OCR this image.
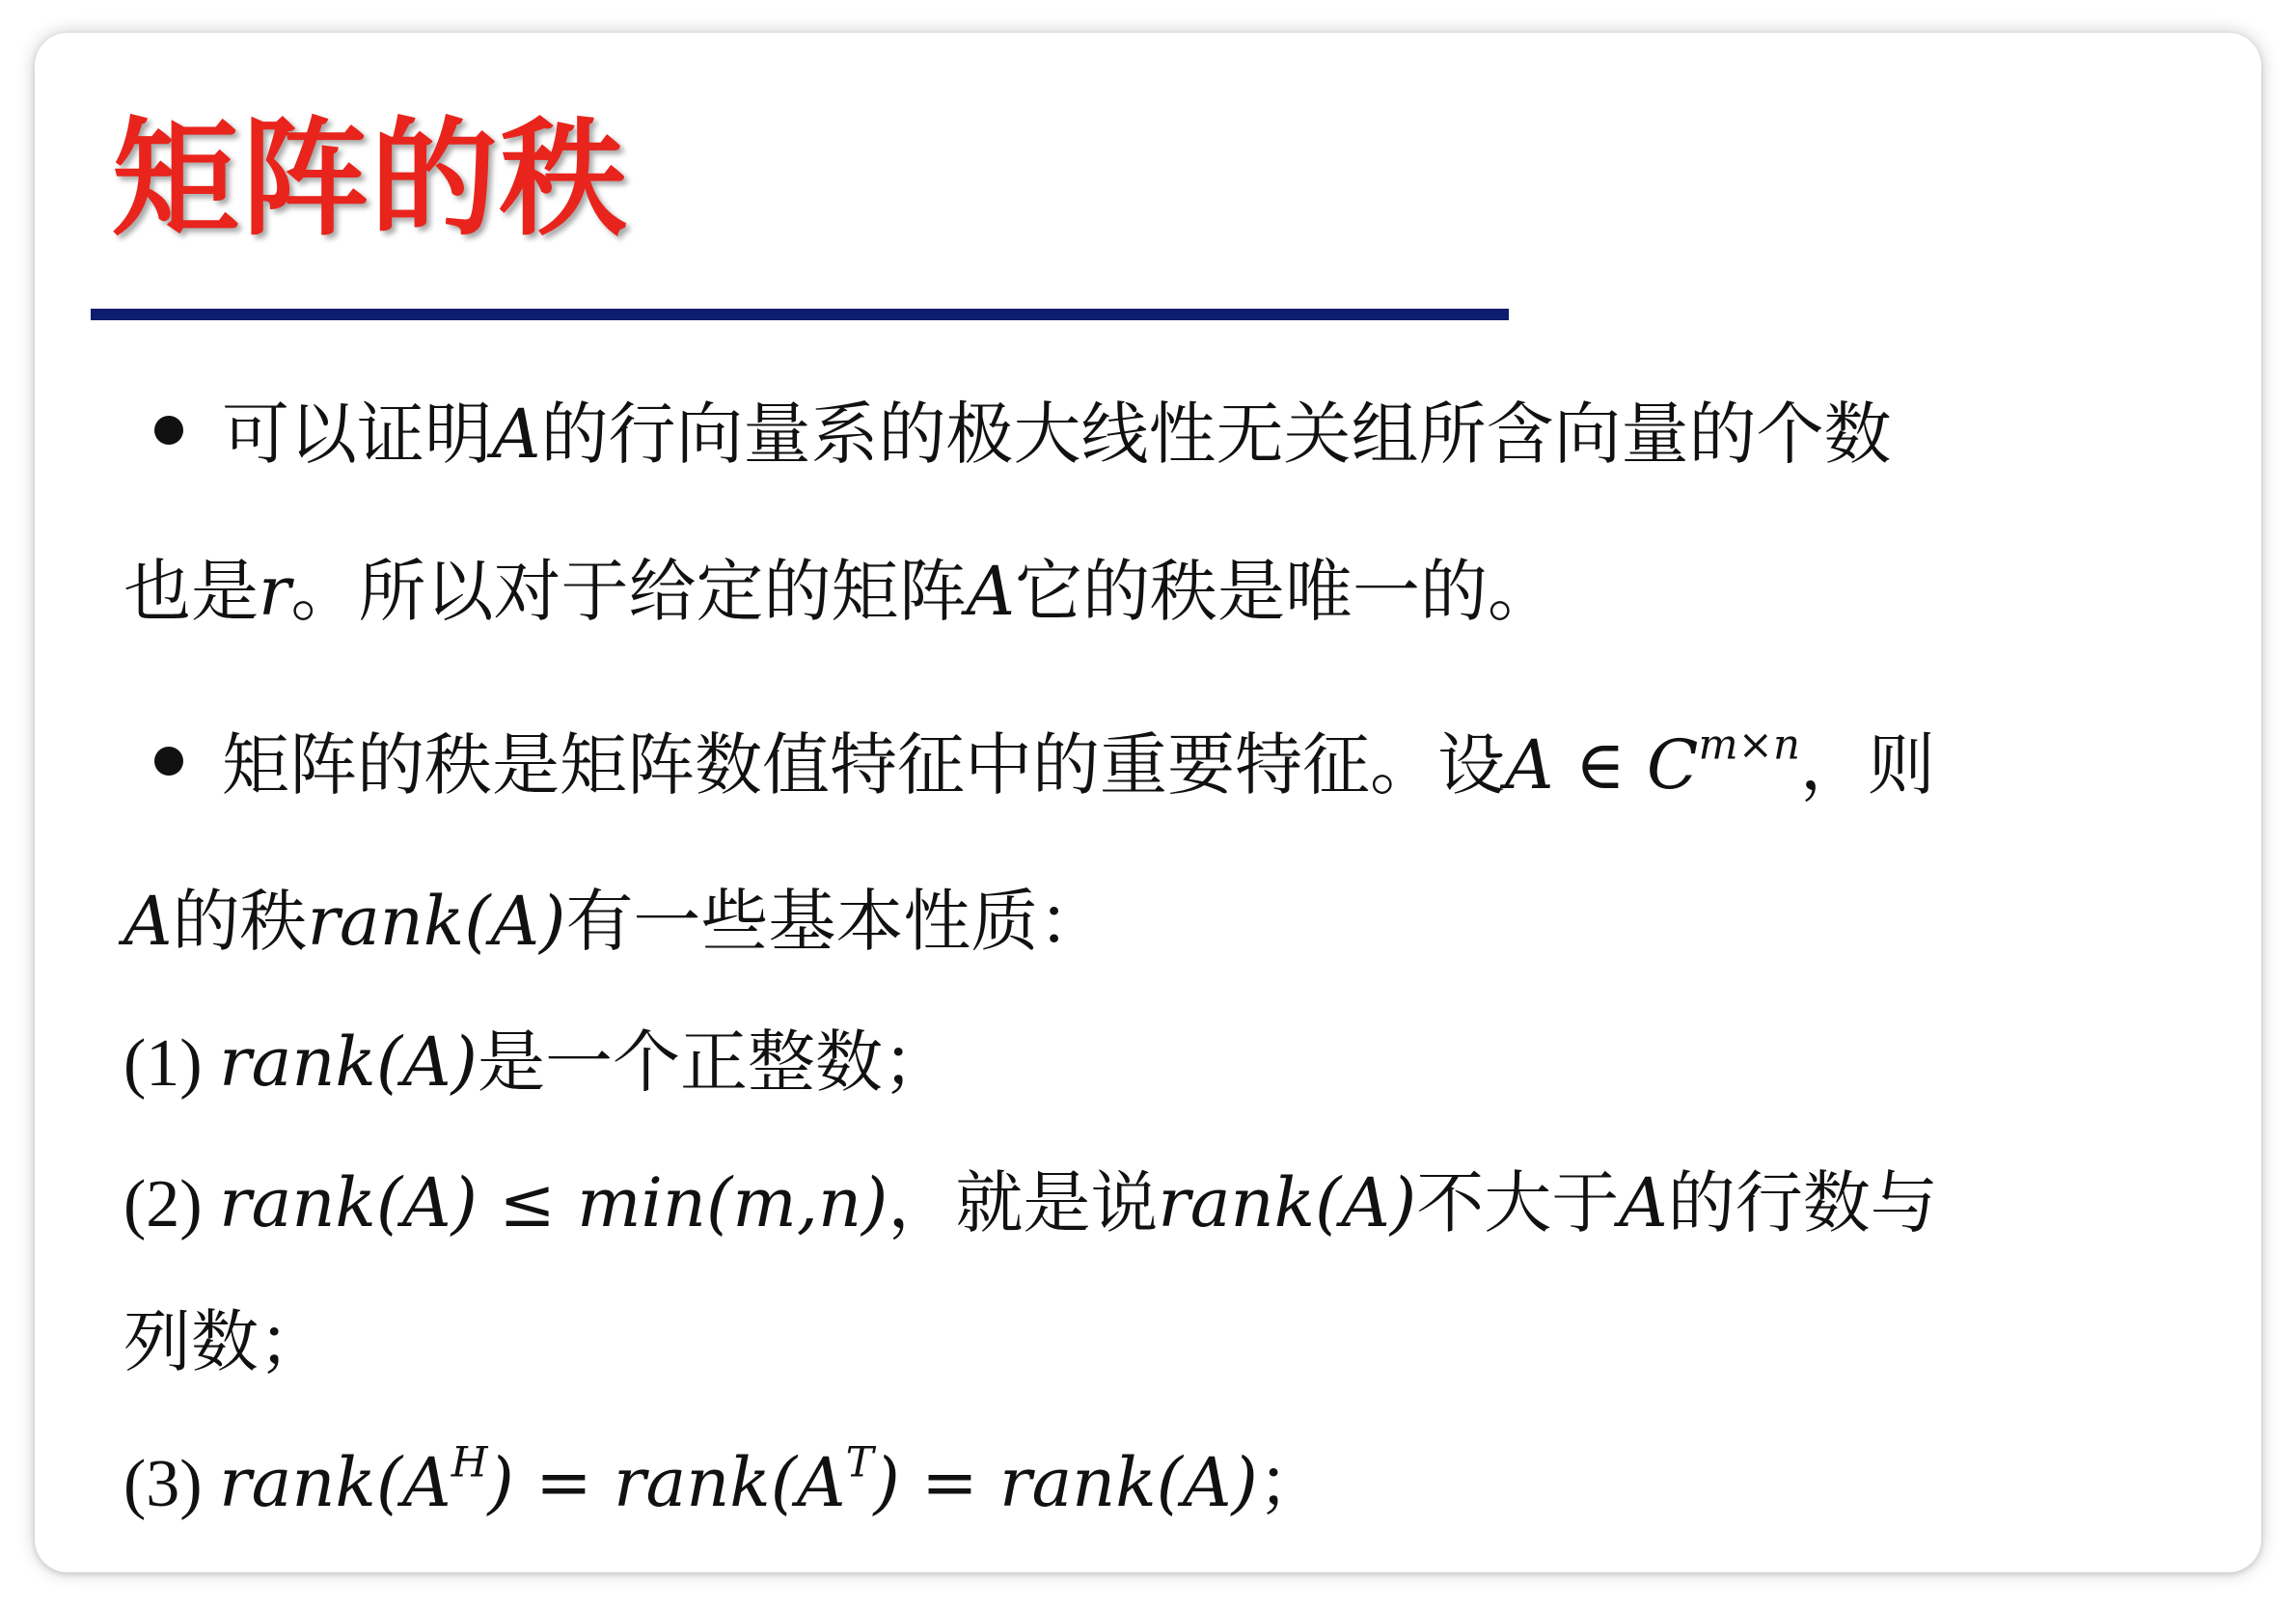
矩阵的秩
可以证明A的行向量系的极大线性无关组所含向量的个数
也是r。所以对于给定的矩阵A它的秩是唯一的。
矩阵的秩是矩阵数值特征中的重要特征。设A ∈ $C^{m\times n}$，则
A的秩rank(A)有一些基本性质：
(1) rank(A)是一个正整数；
(2) rank(A) ≤ min(m,n)，就是说rank(A)不大于A的行数与
列数；
(3) $rank(A^H)$ = $rank(A^T)$ = rank(A)；
